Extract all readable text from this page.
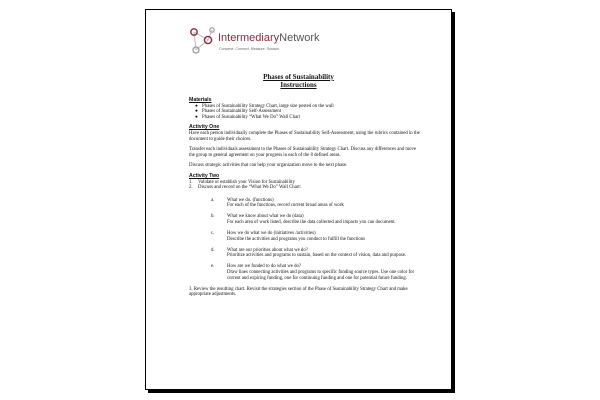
IntermediaryNetwork
Convene. Connect. Measure. Sustain.
Phases of Sustainability
Instructions
Materials
● Phases of Sustainability Strategy Chart, large size posted on the wall
● Phases of Sustainability Self-Assessment
● Phases of Sustainability “What We Do” Wall Chart
Activity One

Have each person individually complete the Phases of Sustainability Self-Assessment, using the rubrics contained in the document to guide their choices.

Transfer each individuals assessment to the Phases of Sustainability Strategy Chart. Discuss any differences and move the group to general agreement on your progress in each of the 8 defined areas.

Discuss strategic activities that can help your organization move to the next phase.

Activity Two
1. Validate or establish your Vision for Sustainability
2. Discuss and record on the “What We Do” Wall Chart:
a.	What we do. (functions)
For each of the functions, record current broad areas of work
b.	What we know about what we do (data)
For each area of work listed, describe the data collected and impacts you can document.
c.	How we do what we do (initiatives /activities)
Describe the activities and programs you conduct to fulfill the functions
d.	What are our priorities about what we do?
Prioritize activities and programs to sustain, based on the context of vision, data and purpose.
e.	How are we funded to do what we do?
Draw lines connecting activities and programs to specific funding source types. Use one color for current and expiring funding, one for continuing funding and one for potential future funding.

3. Review the resulting chart. Revisit the strategies section of the Phase of Sustainability Strategy Chart and make appropriate adjustments.
